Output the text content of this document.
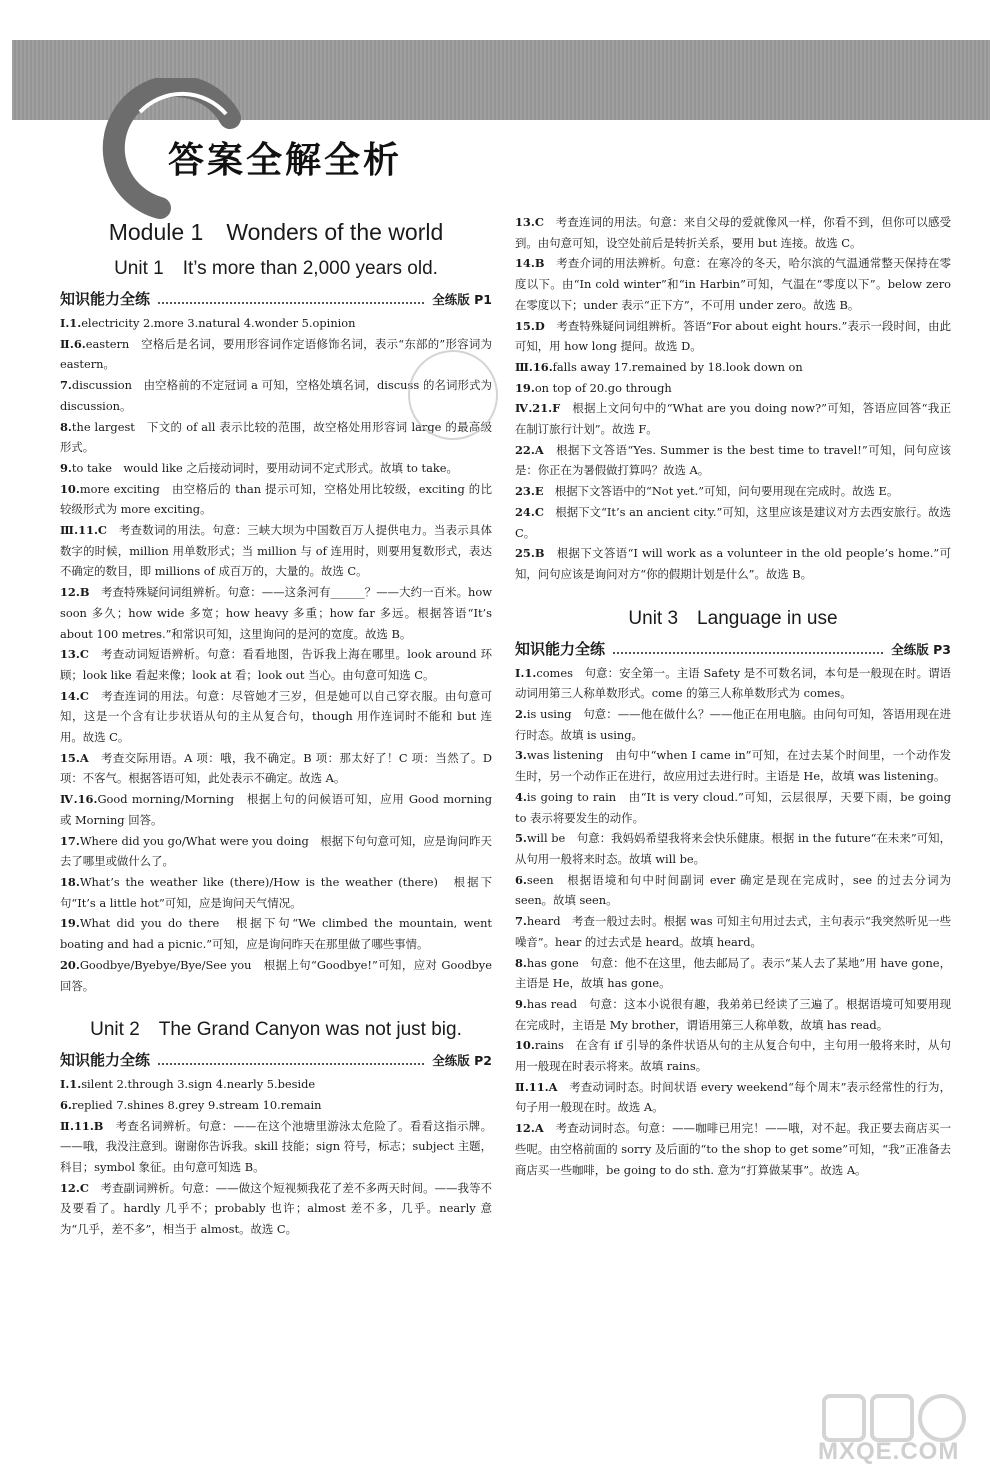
答案全解全析
Module 1　Wonders of the world
Unit 1　It’s more than 2,000 years old.
知识能力全练	全练版 P1

Ⅰ.1.electricity 2.more 3.natural 4.wonder 5.opinion

Ⅱ.6.eastern　空格后是名词，要用形容词作定语修饰名词，表示“东部的”形容词为 eastern。

7.discussion　由空格前的不定冠词 a 可知，空格处填名词，discuss 的名词形式为 discussion。

8.the largest　下文的 of all 表示比较的范围，故空格处用形容词 large 的最高级形式。

9.to take　would like 之后接动词时，要用动词不定式形式。故填 to take。

10.more exciting　由空格后的 than 提示可知，空格处用比较级，exciting 的比较级形式为 more exciting。

Ⅲ.11.C　考查数词的用法。句意：三峡大坝为中国数百万人提供电力。当表示具体数字的时候，million 用单数形式；当 million 与 of 连用时，则要用复数形式，表达不确定的数目，即 millions of 成百万的，大量的。故选 C。

12.B　考查特殊疑问词组辨析。句意：——这条河有______？——大约一百米。how soon 多久；how wide 多宽；how heavy 多重；how far 多远。根据答语“It’s about 100 metres.”和常识可知，这里询问的是河的宽度。故选 B。

13.C　考查动词短语辨析。句意：看看地图，告诉我上海在哪里。look around 环顾；look like 看起来像；look at 看；look out 当心。由句意可知选 C。

14.C　考查连词的用法。句意：尽管她才三岁，但是她可以自己穿衣服。由句意可知，这是一个含有让步状语从句的主从复合句，though 用作连词时不能和 but 连用。故选 C。

15.A　考查交际用语。A 项：哦，我不确定。B 项：那太好了！C 项：当然了。D 项：不客气。根据答语可知，此处表示不确定。故选 A。

Ⅳ.16.Good morning/Morning　根据上句的问候语可知，应用 Good morning 或 Morning 回答。

17.Where did you go/What were you doing　根据下句句意可知，应是询问昨天去了哪里或做什么了。

18.What’s the weather like (there)/How is the weather (there)　根据下句“It’s a little hot”可知，应是询问天气情况。

19.What did you do there　根据下句“We climbed the mountain, went boating and had a picnic.”可知，应是询问昨天在那里做了哪些事情。

20.Goodbye/Byebye/Bye/See you　根据上句“Goodbye!”可知，应对 Goodbye 回答。

Unit 2　The Grand Canyon was not just big.
知识能力全练	全练版 P2

Ⅰ.1.silent 2.through 3.sign 4.nearly 5.beside

6.replied 7.shines 8.grey 9.stream 10.remain

Ⅱ.11.B　考查名词辨析。句意：——在这个池塘里游泳太危险了。看看这指示牌。——哦，我没注意到。谢谢你告诉我。skill 技能；sign 符号，标志；subject 主题，科目；symbol 象征。由句意可知选 B。

12.C　考查副词辨析。句意：——做这个短视频我花了差不多两天时间。——我等不及要看了。hardly 几乎不；probably 也许；almost 差不多，几乎。nearly 意为“几乎，差不多”，相当于 almost。故选 C。

13.C　考查连词的用法。句意：来自父母的爱就像风一样，你看不到，但你可以感受到。由句意可知，设空处前后是转折关系，要用 but 连接。故选 C。

14.B　考查介词的用法辨析。句意：在寒冷的冬天，哈尔滨的气温通常整天保持在零度以下。由“In cold winter”和“in Harbin”可知，气温在“零度以下”。below zero 在零度以下；under 表示“正下方”，不可用 under zero。故选 B。

15.D　考查特殊疑问词组辨析。答语“For about eight hours.”表示一段时间，由此可知，用 how long 提问。故选 D。

Ⅲ.16.falls away 17.remained by 18.look down on

19.on top of 20.go through

Ⅳ.21.F　根据上文问句中的“What are you doing now?”可知，答语应回答“我正在制订旅行计划”。故选 F。

22.A　根据下文答语“Yes. Summer is the best time to travel!”可知，问句应该是：你正在为暑假做打算吗？故选 A。

23.E　根据下文答语中的“Not yet.”可知，问句要用现在完成时。故选 E。

24.C　根据下文“It’s an ancient city.”可知，这里应该是建议对方去西安旅行。故选 C。

25.B　根据下文答语“I will work as a volunteer in the old people’s home.”可知，问句应该是询问对方“你的假期计划是什么”。故选 B。

Unit 3　Language in use
知识能力全练	全练版 P3

Ⅰ.1.comes　句意：安全第一。主语 Safety 是不可数名词，本句是一般现在时。谓语动词用第三人称单数形式。come 的第三人称单数形式为 comes。

2.is using　句意：——他在做什么？——他正在用电脑。由问句可知，答语用现在进行时态。故填 is using。

3.was listening　由句中“when I came in”可知，在过去某个时间里，一个动作发生时，另一个动作正在进行，故应用过去进行时。主语是 He，故填 was listening。

4.is going to rain　由“It is very cloud.”可知，云层很厚，天要下雨，be going to 表示将要发生的动作。

5.will be　句意：我妈妈希望我将来会快乐健康。根据 in the future“在未来”可知，从句用一般将来时态。故填 will be。

6.seen　根据语境和句中时间副词 ever 确定是现在完成时，see 的过去分词为 seen。故填 seen。

7.heard　考查一般过去时。根据 was 可知主句用过去式，主句表示“我突然听见一些噪音”。hear 的过去式是 heard。故填 heard。

8.has gone　句意：他不在这里，他去邮局了。表示“某人去了某地”用 have gone，主语是 He，故填 has gone。

9.has read　句意：这本小说很有趣，我弟弟已经读了三遍了。根据语境可知要用现在完成时，主语是 My brother，谓语用第三人称单数，故填 has read。

10.rains　在含有 if 引导的条件状语从句的主从复合句中，主句用一般将来时，从句用一般现在时表示将来。故填 rains。

Ⅱ.11.A　考查动词时态。时间状语 every weekend“每个周末”表示经常性的行为，句子用一般现在时。故选 A。

12.A　考查动词时态。句意：——咖啡已用完！——哦，对不起。我正要去商店买一些呢。由空格前面的 sorry 及后面的“to the shop to get some”可知，“我”正准备去商店买一些咖啡，be going to do sth. 意为“打算做某事”。故选 A。

MXQE.COM
